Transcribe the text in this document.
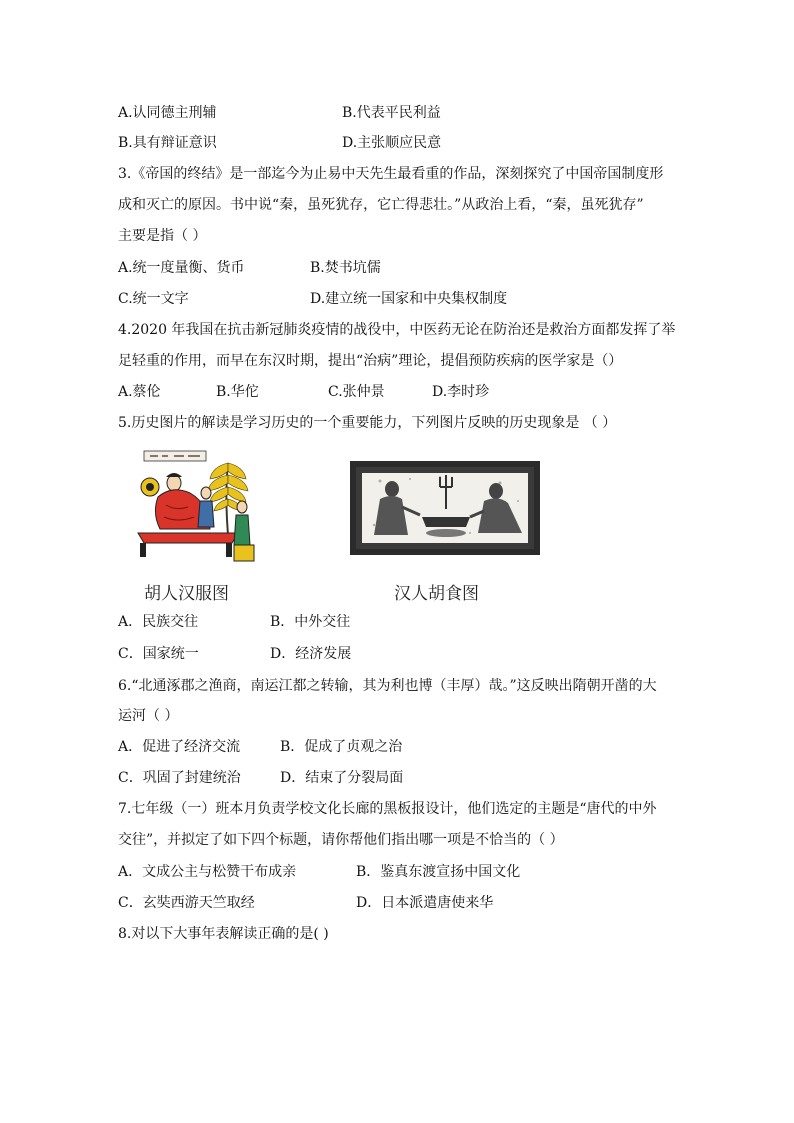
A.认同德主刑辅	B.代表平民利益
B.具有辩证意识	D.主张顺应民意
3.《帝国的终结》是一部迄今为止易中天先生最看重的作品，深刻探究了中国帝国制度形
成和灭亡的原因。书中说“秦，虽死犹存，它亡得悲壮。”从政治上看，“秦，虽死犹存”
主要是指（ ）
A.统一度量衡、货币	B.焚书坑儒
C.统一文字	D.建立统一国家和中央集权制度
4.2020 年我国在抗击新冠肺炎疫情的战役中，中医药无论在防治还是救治方面都发挥了举
足轻重的作用，而早在东汉时期，提出“治病”理论，提倡预防疾病的医学家是（）
A.蔡伦	B.华佗	C.张仲景	D.李时珍
5.历史图片的解读是学习历史的一个重要能力，下列图片反映的历史现象是 （ ）
胡人汉服图	汉人胡食图
A．民族交往	B．中外交往
C．国家统一	D．经济发展
6.“北通涿郡之渔商，南运江都之转输，其为利也博（丰厚）哉。”这反映出隋朝开凿的大
运河（ ）
A．促进了经济交流	B．促成了贞观之治
C．巩固了封建统治	D．结束了分裂局面
7.七年级（一）班本月负责学校文化长廊的黑板报设计，他们选定的主题是“唐代的中外
交往”，并拟定了如下四个标题，请你帮他们指出哪一项是不恰当的（ ）
A．文成公主与松赞干布成亲	B．鉴真东渡宣扬中国文化
C．玄奘西游天竺取经	D．日本派遣唐使来华
8.对以下大事年表解读正确的是( )
